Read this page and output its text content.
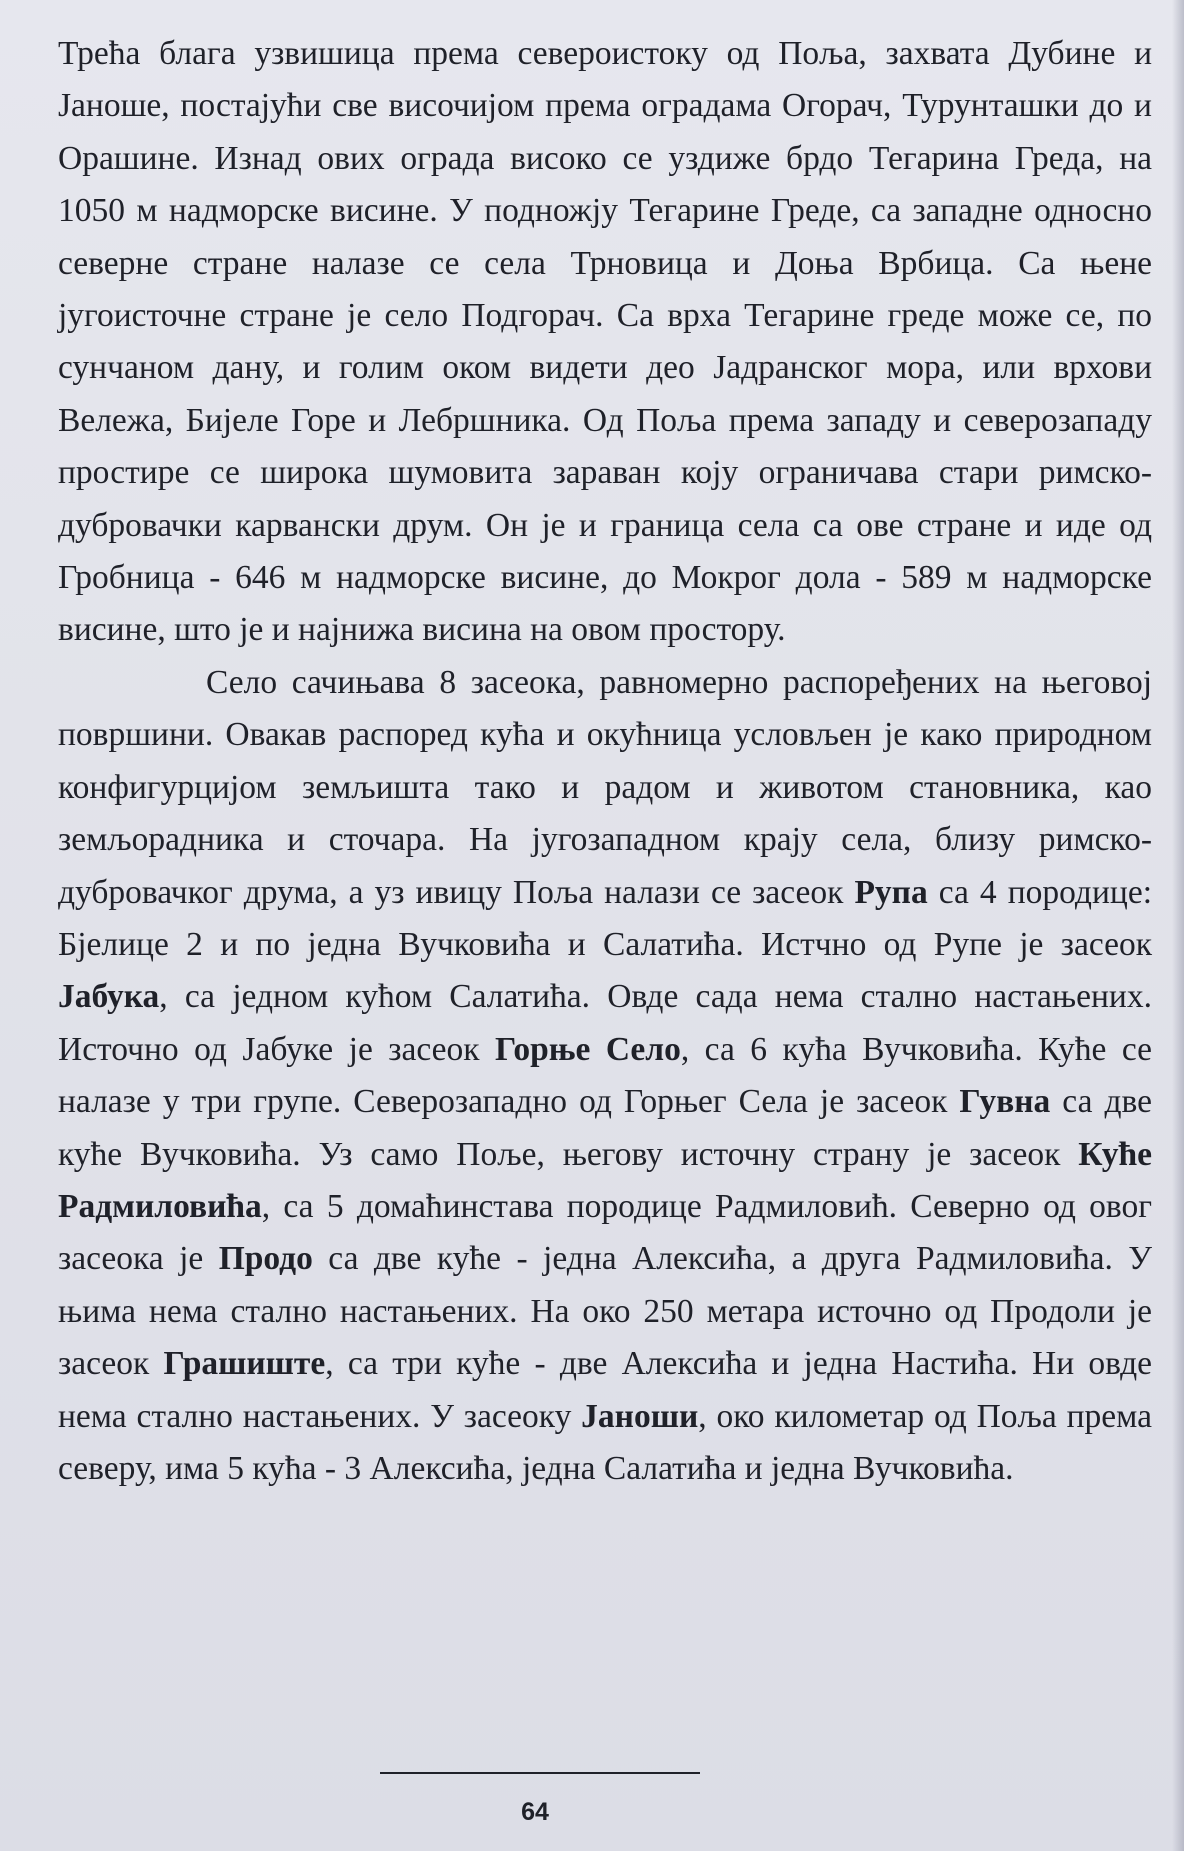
Трећа блага узвишица према североистоку од Поља, захвата Дубине и Јаноше, постајући све височијом према оградама Огорач, Турунташки до и Орашине. Изнад ових ограда високо се уздиже брдо Тегарина Греда, на 1050 м надморске висине. У подножју Тегарине Греде, са западне односно северне стране налазе се села Трновица и Доња Врбица. Са њене југоисточне стране је село Подгорач. Са врха Тегарине греде може се, по сунчаном дану, и голим оком видети део Јадранског мора, или врхови Вележа, Бијеле Горе и Лебршника. Од Поља према западу и северозападу простире се широка шумовита зараван коју ограничава стари римско-дубровачки карвански друм. Он је и граница села са ове стране и иде од Гробница - 646 м надморске висине, до Мокрог дола - 589 м надморске висине, што је и најнижа висина на овом простору.

Село сачињава 8 засеока, равномерно распоређених на његовој површини. Овакав распоред кућа и окућница условљен је како природном конфигурцијом земљишта тако и радом и животом становника, као земљорадника и сточара. На југозападном крају села, близу римско-дубровачког друма, а уз ивицу Поља налази се засеок Рупа са 4 породице: Бјелице 2 и по једна Вучковића и Салатића. Истчно од Рупе је засеок Јабука, са једном кућом Салатића. Овде сада нема стално настањених. Источно од Јабуке је засеок Горње Село, са 6 кућа Вучковића. Куће се налазе у три групе. Северозападно од Горњег Села је засеок Гувна са две куће Вучковића. Уз само Поље, његову источну страну је засеок Куће Радмиловића, са 5 домаћинстава породице Радмиловић. Северно од овог засеока је Продо са две куће - једна Алексића, а друга Радмиловића. У њима нема стално настањених. На око 250 метара источно од Продоли је засеок Грашиште, са три куће - две Алексића и једна Настића. Ни овде нема стално настањених. У засеоку Јаноши, око километар од Поља према северу, има 5 кућа - 3 Алексића, једна Салатића и једна Вучковића.

64
